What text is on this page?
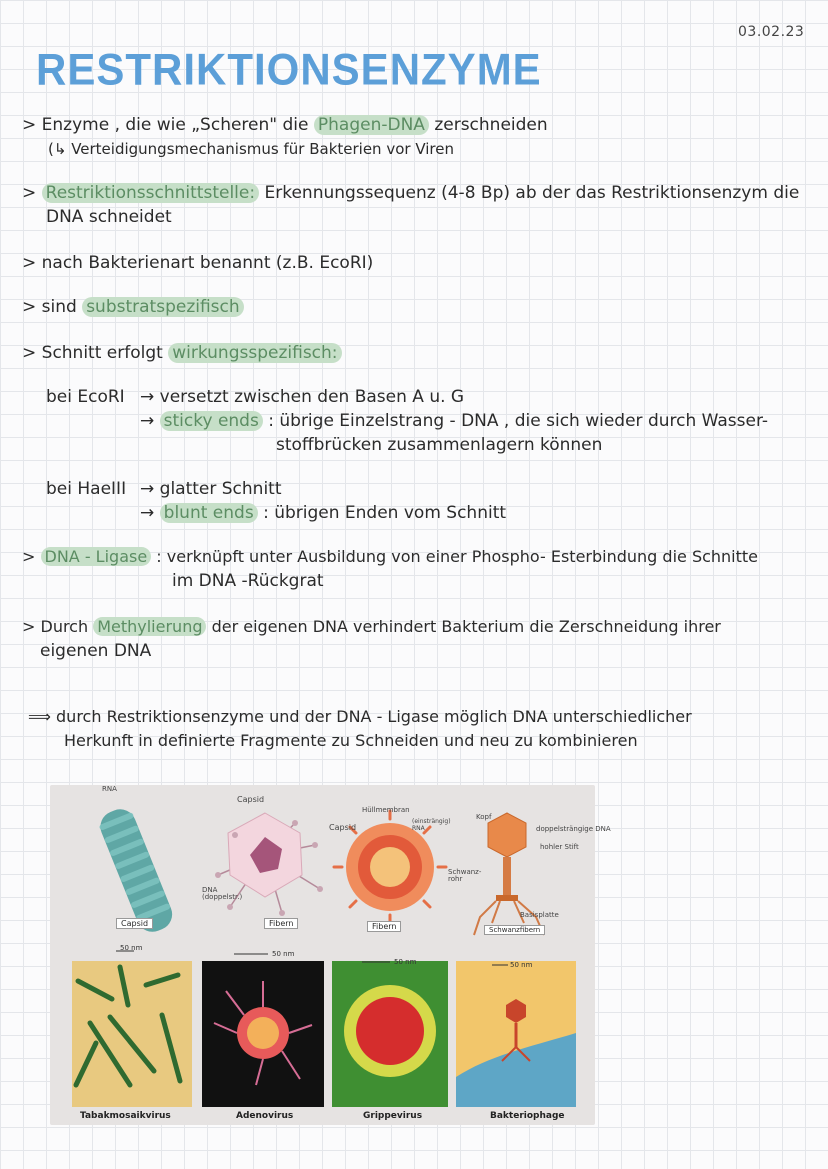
03.02.23
RESTRIKTIONSENZYME
> Enzyme , die wie „Scheren" die Phagen-DNA zerschneiden
(↳ Verteidigungsmechanismus für Bakterien vor Viren
> Restriktionsschnittstelle: Erkennungssequenz (4-8 Bp) ab der das Restriktionsenzym die
DNA schneidet
> nach Bakterienart benannt (z.B. EcoRI)
> sind substratspezifisch
> Schnitt erfolgt wirkungsspezifisch:
bei EcoRI → versetzt zwischen den Basen A u. G
→ sticky ends : übrige Einzelstrang - DNA , die sich wieder durch Wasser-
stoffbrücken zusammenlagern können
bei HaeIII → glatter Schnitt
→ blunt ends : übrigen Enden vom Schnitt
> DNA - Ligase : verknüpft unter Ausbildung von einer Phospho- Esterbindung die Schnitte
im DNA -Rückgrat
> Durch Methylierung der eigenen DNA verhindert Bakterium die Zerschneidung ihrer
eigenen DNA
⟹ durch Restriktionsenzyme und der DNA - Ligase möglich DNA unterschiedlicher
Herkunft in definierte Fragmente zu Schneiden und neu zu kombinieren
RNA
Capsid
Capsid
DNA
(doppelstr.)
Fibern
Hüllmembran
Capsid
(einsträngig)
RNA
Fibern
Kopf
doppelsträngige DNA
hohler Stift
Schwanz-
rohr
Basisplatte
Schwanzfibern
50 nm
50 nm
50 nm	50 nm
Tabakmosaikvirus	Adenovirus	Grippevirus	Bakteriophage
